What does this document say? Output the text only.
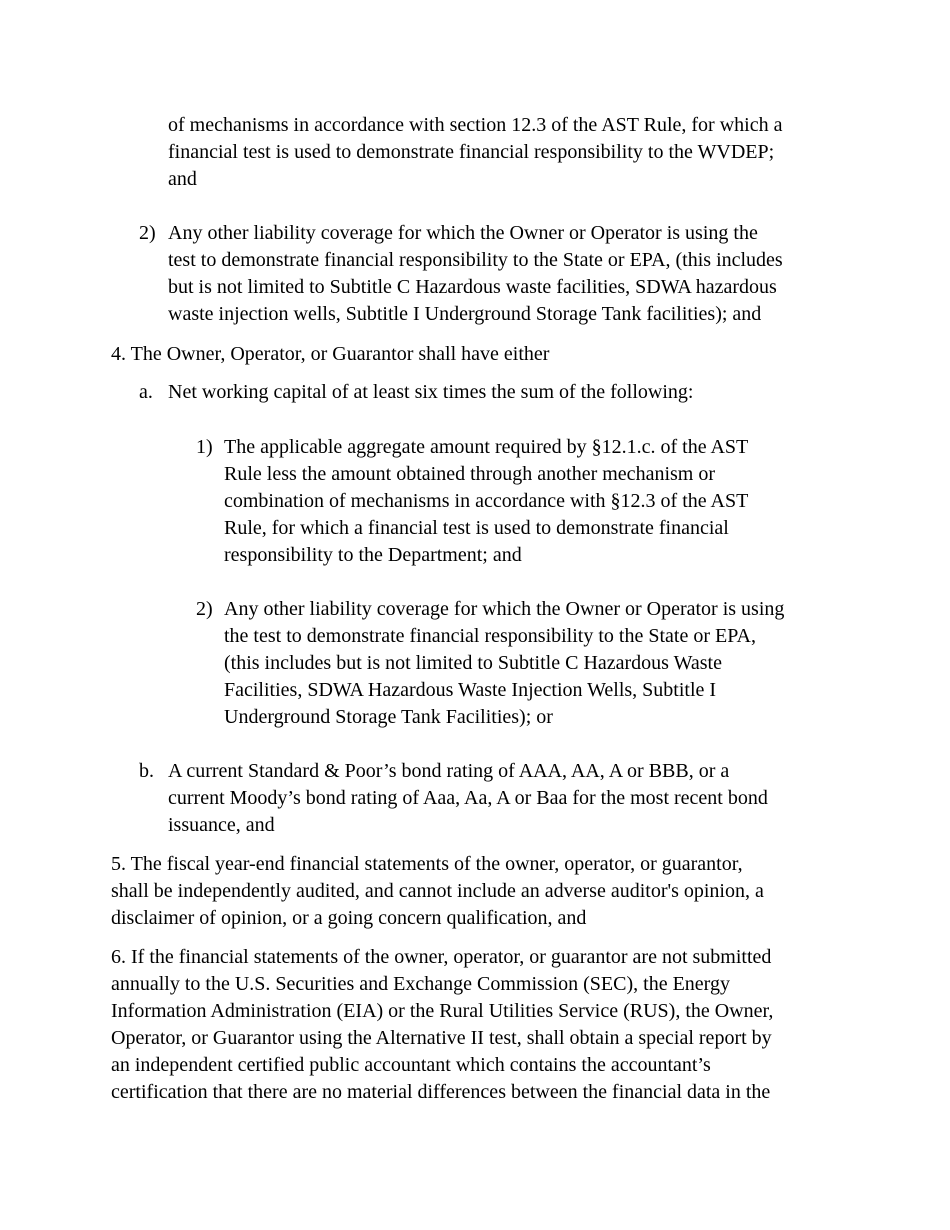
of mechanisms in accordance with section 12.3 of the AST Rule, for which a
financial test is used to demonstrate financial responsibility to the WVDEP;
and
2) Any other liability coverage for which the Owner or Operator is using the
test to demonstrate financial responsibility to the State or EPA, (this includes
but is not limited to Subtitle C Hazardous waste facilities, SDWA hazardous
waste injection wells, Subtitle I Underground Storage Tank facilities); and
4. The Owner, Operator, or Guarantor shall have either
a. Net working capital of at least six times the sum of the following:
1) The applicable aggregate amount required by §12.1.c. of the AST
Rule less the amount obtained through another mechanism or
combination of mechanisms in accordance with §12.3 of the AST
Rule, for which a financial test is used to demonstrate financial
responsibility to the Department; and
2) Any other liability coverage for which the Owner or Operator is using
the test to demonstrate financial responsibility to the State or EPA,
(this includes but is not limited to Subtitle C Hazardous Waste
Facilities, SDWA Hazardous Waste Injection Wells, Subtitle I
Underground Storage Tank Facilities); or
b. A current Standard & Poor’s bond rating of AAA, AA, A or BBB, or a
current Moody’s bond rating of Aaa, Aa, A or Baa for the most recent bond
issuance, and
5. The fiscal year-end financial statements of the owner, operator, or guarantor,
shall be independently audited, and cannot include an adverse auditor's opinion, a
disclaimer of opinion, or a going concern qualification, and
6. If the financial statements of the owner, operator, or guarantor are not submitted
annually to the U.S. Securities and Exchange Commission (SEC), the Energy
Information Administration (EIA) or the Rural Utilities Service (RUS), the Owner,
Operator, or Guarantor using the Alternative II test, shall obtain a special report by
an independent certified public accountant which contains the accountant’s
certification that there are no material differences between the financial data in the
